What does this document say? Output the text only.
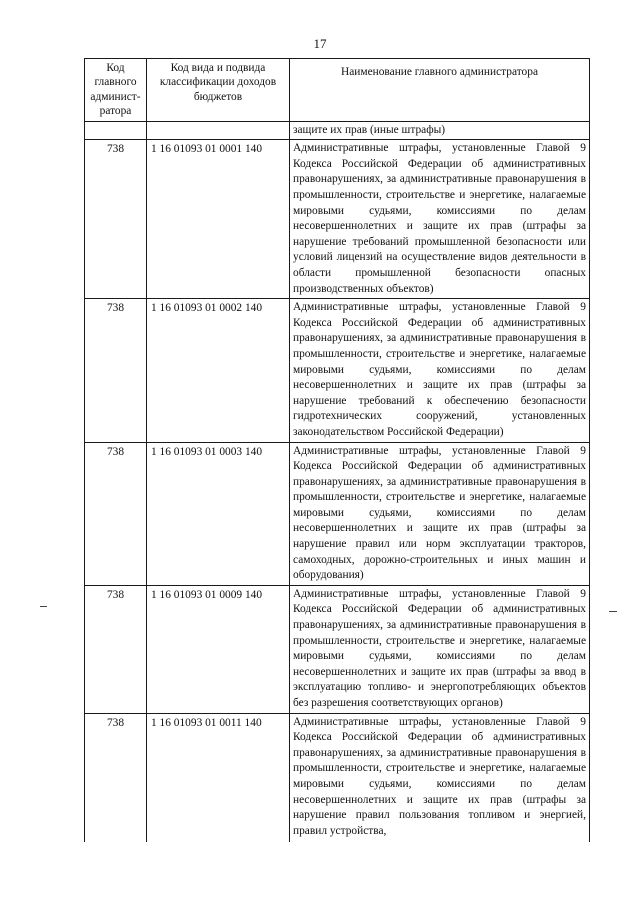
17
Код главного админист-ратора	Код вида и подвида классификации доходов бюджетов	Наименование главного администратора
		защите их прав (иные штрафы)
738	1 16 01093 01 0001 140	Административные штрафы, установленные Главой 9 Кодекса Российской Федерации об административных правонарушениях, за административные правонарушения в промышленности, строительстве и энергетике, налагаемые мировыми судьями, комиссиями по делам несовершеннолетних и защите их прав (штрафы за нарушение требований промышленной безопасности или условий лицензий на осуществление видов деятельности в области промышленной безопасности опасных производственных объектов)
738	1 16 01093 01 0002 140	Административные штрафы, установленные Главой 9 Кодекса Российской Федерации об административных правонарушениях, за административные правонарушения в промышленности, строительстве и энергетике, налагаемые мировыми судьями, комиссиями по делам несовершеннолетних и защите их прав (штрафы за нарушение требований к обеспечению безопасности гидротехнических сооружений, установленных законодательством Российской Федерации)
738	1 16 01093 01 0003 140	Административные штрафы, установленные Главой 9 Кодекса Российской Федерации об административных правонарушениях, за административные правонарушения в промышленности, строительстве и энергетике, налагаемые мировыми судьями, комиссиями по делам несовершеннолетних и защите их прав (штрафы за нарушение правил или норм эксплуатации тракторов, самоходных, дорожно-строительных и иных машин и оборудования)
738	1 16 01093 01 0009 140	Административные штрафы, установленные Главой 9 Кодекса Российской Федерации об административных правонарушениях, за административные правонарушения в промышленности, строительстве и энергетике, налагаемые мировыми судьями, комиссиями по делам несовершеннолетних и защите их прав (штрафы за ввод в эксплуатацию топливо- и энергопотребляющих объектов без разрешения соответствующих органов)
738	1 16 01093 01 0011 140	Административные штрафы, установленные Главой 9 Кодекса Российской Федерации об административных правонарушениях, за административные правонарушения в промышленности, строительстве и энергетике, налагаемые мировыми судьями, комиссиями по делам несовершеннолетних и защите их прав (штрафы за нарушение правил пользования топливом и энергией, правил устройства,
